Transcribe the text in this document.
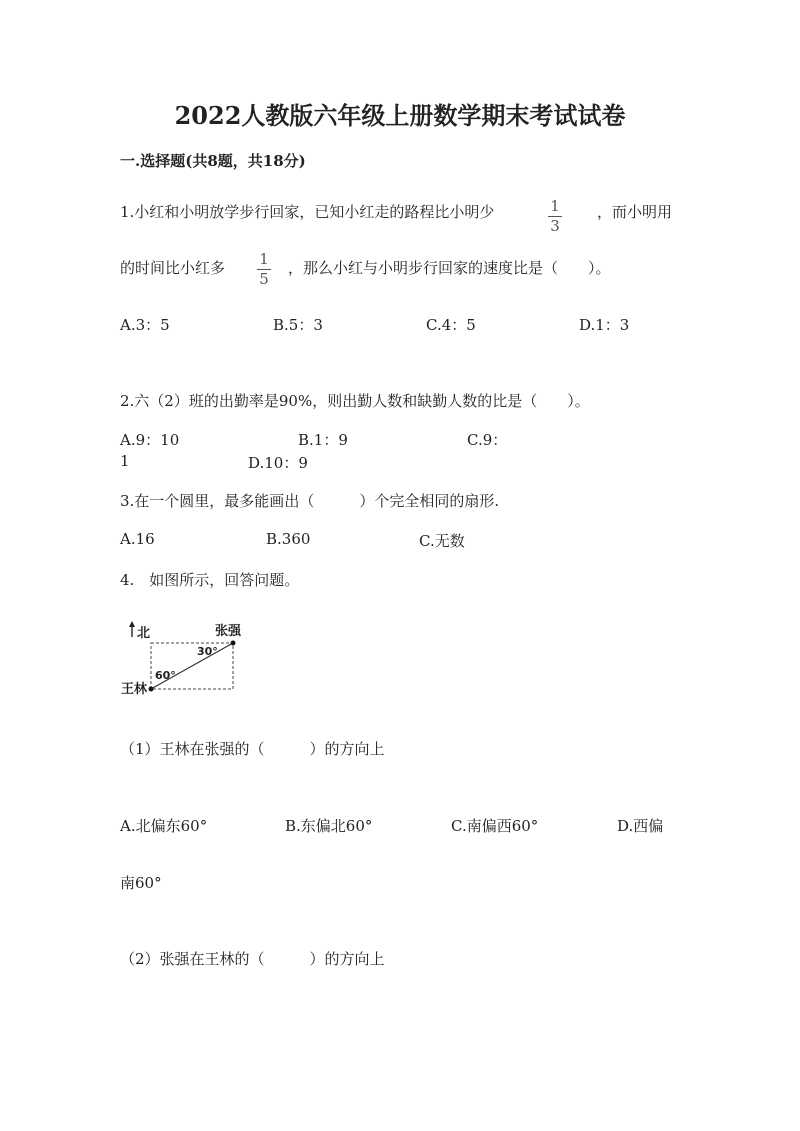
2022人教版六年级上册数学期末考试试卷
一.选择题(共8题，共18分)
1.小红和小明放学步行回家，已知小红走的路程比小明少	1
3
，而小明用
的时间比小红多 1
5
，那么小红与小明步行回家的速度比是（　　）。
A.3：5	B.5：3	C.4：5	D.1：3
2.六（2）班的出勤率是90%，则出勤人数和缺勤人数的比是（　　）。
A.9：10	B.1：9	C.9：
1	D.10：9
3.在一个圆里，最多能画出（　　　）个完全相同的扇形.
A.16	B.360	C.无数
4.　如图所示，回答问题。
北	张强
王林
30°
60°
（1）王林在张强的（　　　）的方向上
A.北偏东60°	B.东偏北60°	C.南偏西60°	D.西偏
南60°
（2）张强在王林的（　　　）的方向上
